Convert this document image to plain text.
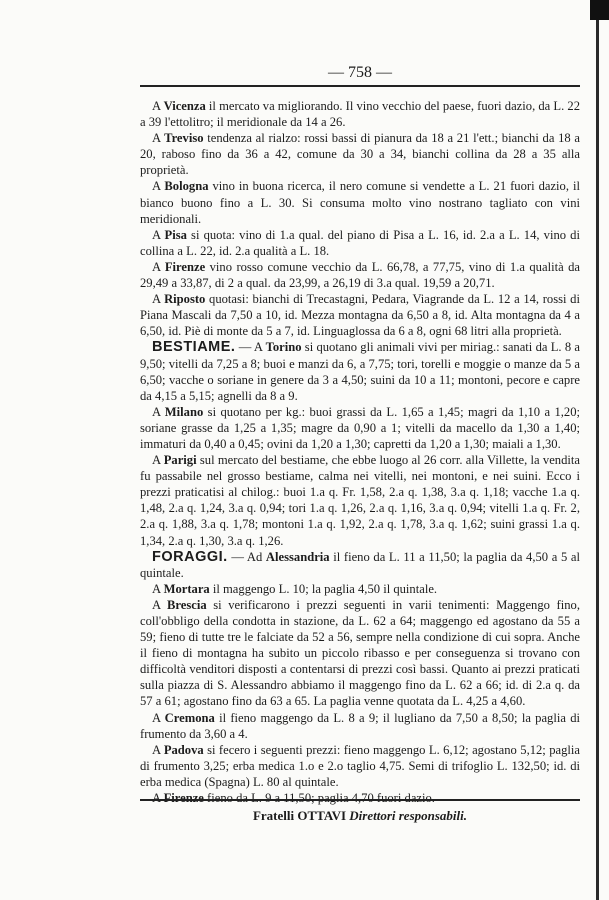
— 758 —

A Vicenza il mercato va migliorando. Il vino vecchio del paese, fuori dazio, da L. 22 a 39 l'ettolitro; il meridionale da 14 a 26.

A Treviso tendenza al rialzo: rossi bassi di pianura da 18 a 21 l'ett.; bianchi da 18 a 20, raboso fino da 36 a 42, comune da 30 a 34, bianchi collina da 28 a 35 alla proprietà.

A Bologna vino in buona ricerca, il nero comune si vendette a L. 21 fuori dazio, il bianco buono fino a L. 30. Si consuma molto vino nostrano tagliato con vini meridionali.

A Pisa si quota: vino di 1.a qual. del piano di Pisa a L. 16, id. 2.a a L. 14, vino di collina a L. 22, id. 2.a qualità a L. 18.

A Firenze vino rosso comune vecchio da L. 66,78, a 77,75, vino di 1.a qualità da 29,49 a 33,87, di 2 a qual. da 23,99, a 26,19 di 3.a qual. 19,59 a 20,71.

A Riposto quotasi: bianchi di Trecastagni, Pedara, Viagrande da L. 12 a 14, rossi di Piana Mascali da 7,50 a 10, id. Mezza montagna da 6,50 a 8, id. Alta montagna da 4 a 6,50, id. Piè di monte da 5 a 7, id. Linguaglossa da 6 a 8, ogni 68 litri alla proprietà.

BESTIAME. — A Torino si quotano gli animali vivi per miriag.: sanati da L. 8 a 9,50; vitelli da 7,25 a 8; buoi e manzi da 6, a 7,75; tori, torelli e moggie o manze da 5 a 6,50; vacche o soriane in genere da 3 a 4,50; suini da 10 a 11; montoni, pecore e capre da 4,15 a 5,15; agnelli da 8 a 9.

A Milano si quotano per kg.: buoi grassi da L. 1,65 a 1,45; magri da 1,10 a 1,20; soriane grasse da 1,25 a 1,35; magre da 0,90 a 1; vitelli da macello da 1,30 a 1,40; immaturi da 0,40 a 0,45; ovini da 1,20 a 1,30; capretti da 1,20 a 1,30; maiali a 1,30.

A Parigi sul mercato del bestiame, che ebbe luogo al 26 corr. alla Villette, la vendita fu passabile nel grosso bestiame, calma nei vitelli, nei montoni, e nei suini. Ecco i prezzi praticatisi al chilog.: buoi 1.a q. Fr. 1,58, 2.a q. 1,38, 3.a q. 1,18; vacche 1.a q. 1,48, 2.a q. 1,24, 3.a q. 0,94; tori 1.a q. 1,26, 2.a q. 1,16, 3.a q. 0,94; vitelli 1.a q. Fr. 2, 2.a q. 1,88, 3.a q. 1,78; montoni 1.a q. 1,92, 2.a q. 1,78, 3.a q. 1,62; suini grassi 1.a q. 1,34, 2.a q. 1,30, 3.a q. 1,26.

FORAGGI. — Ad Alessandria il fieno da L. 11 a 11,50; la paglia da 4,50 a 5 al quintale.

A Mortara il maggengo L. 10; la paglia 4,50 il quintale.

A Brescia si verificarono i prezzi seguenti in varii tenimenti: Maggengo fino, coll'obbligo della condotta in stazione, da L. 62 a 64; maggengo ed agostano da 55 a 59; fieno di tutte tre le falciate da 52 a 56, sempre nella condizione di cui sopra. Anche il fieno di montagna ha subito un piccolo ribasso e per conseguenza si trovano con difficoltà venditori disposti a contentarsi di prezzi così bassi. Quanto ai prezzi praticati sulla piazza di S. Alessandro abbiamo il maggengo fino da L. 62 a 66; id. di 2.a q. da 57 a 61; agostano fino da 63 a 65. La paglia venne quotata da L. 4,25 a 4,60.

A Cremona il fieno maggengo da L. 8 a 9; il lugliano da 7,50 a 8,50; la paglia di frumento da 3,60 a 4.

A Padova si fecero i seguenti prezzi: fieno maggengo L. 6,12; agostano 5,12; paglia di frumento 3,25; erba medica 1.o e 2.o taglio 4,75. Semi di trifoglio L. 132,50; id. di erba medica (Spagna) L. 80 al quintale.

Fratelli OTTAVI Direttori responsabili.
